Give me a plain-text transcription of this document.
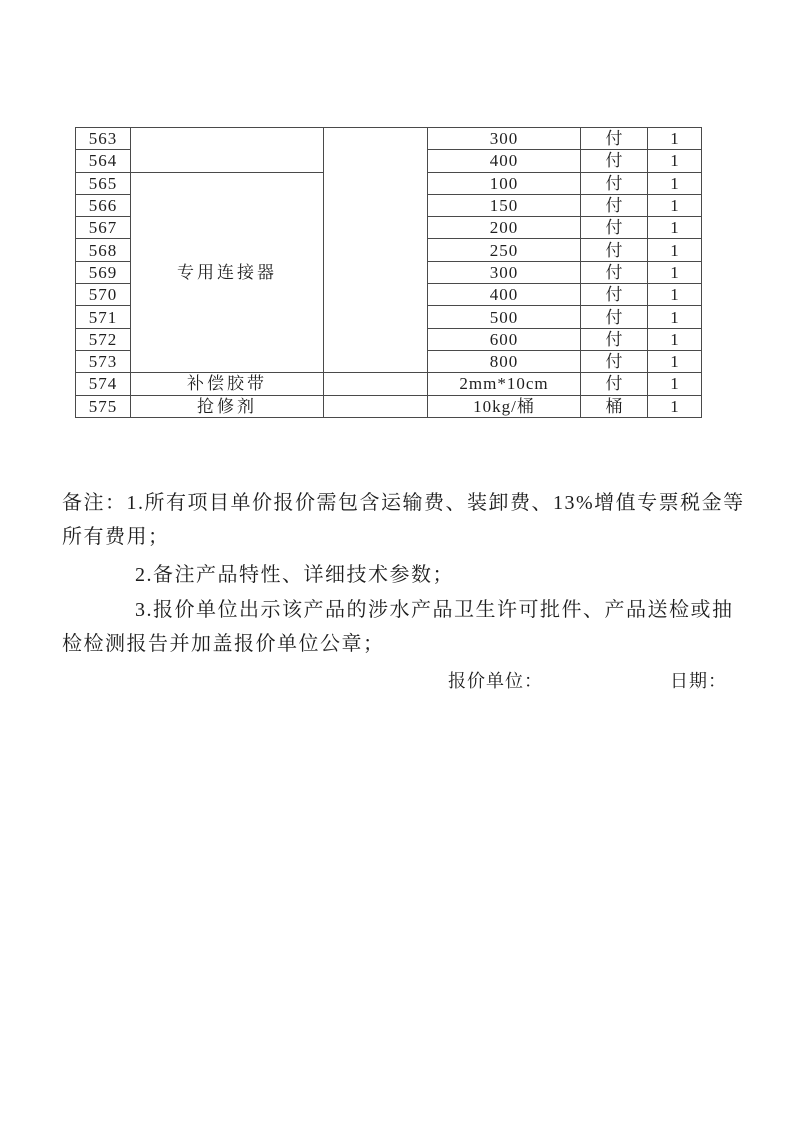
563			300	付	1
564			400	付	1
565	专用连接器		100	付	1
566			150	付	1
567			200	付	1
568			250	付	1
569			300	付	1
570			400	付	1
571			500	付	1
572			600	付	1
573			800	付	1
574	补偿胶带		2mm*10cm	付	1
575	抢修剂		10kg/桶	桶	1
备注：1.所有项目单价报价需包含运输费、装卸费、13%增值专票税金等
所有费用；
2.备注产品特性、详细技术参数；
3.报价单位出示该产品的涉水产品卫生许可批件、产品送检或抽
检检测报告并加盖报价单位公章；
报价单位：	日期：
